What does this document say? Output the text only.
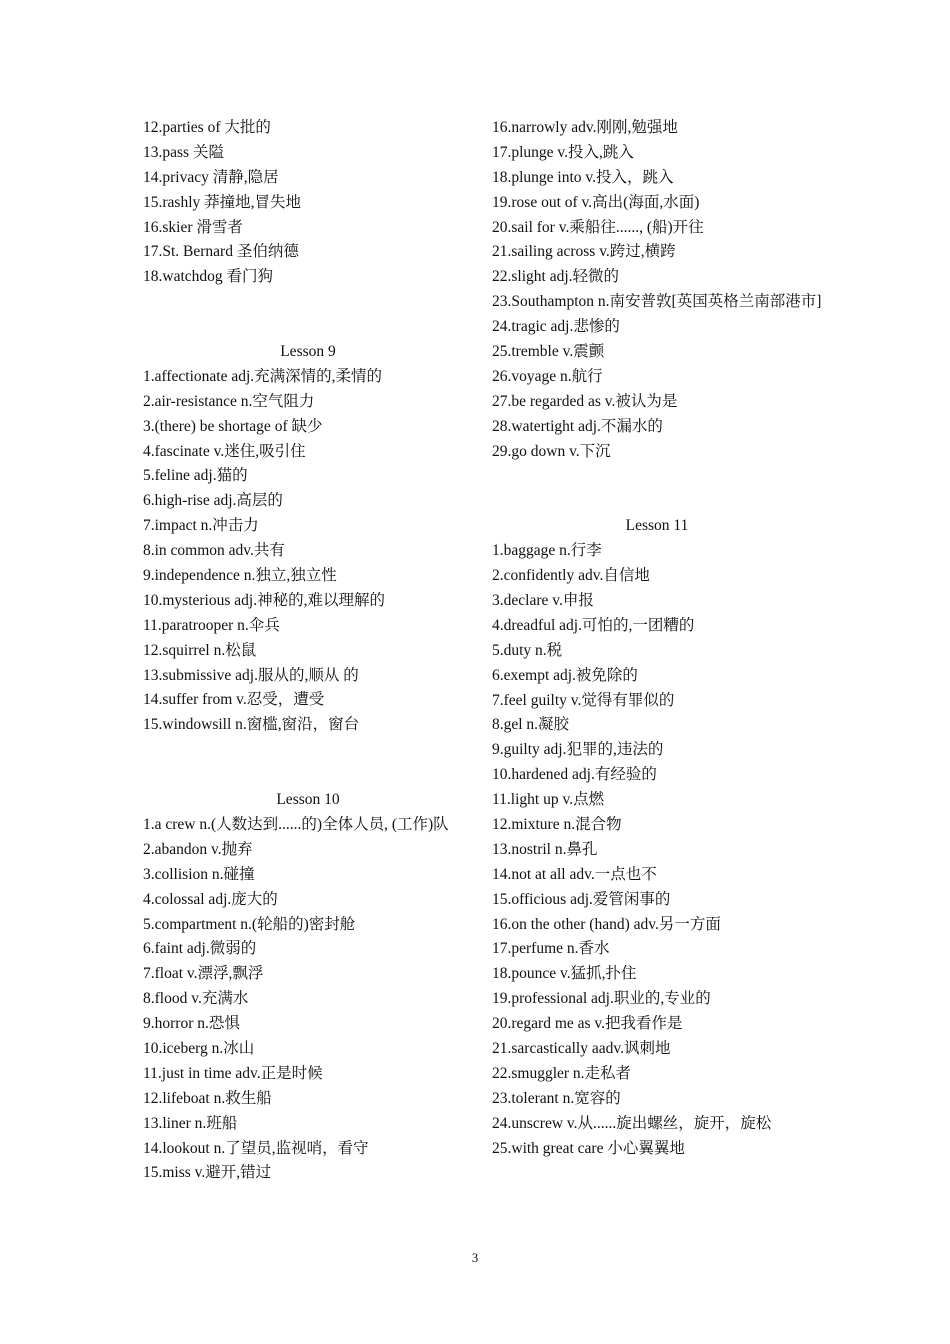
12.parties of 大批的
13.pass 关隘
14.privacy 清静,隐居
15.rashly 莽撞地,冒失地
16.skier 滑雪者
17.St. Bernard 圣伯纳德
18.watchdog 看门狗
Lesson 9
1.affectionate adj.充满深情的,柔情的
2.air-resistance n.空气阻力
3.(there) be shortage of 缺少
4.fascinate v.迷住,吸引住
5.feline adj.猫的
6.high-rise adj.高层的
7.impact n.冲击力
8.in common adv.共有
9.independence n.独立,独立性
10.mysterious adj.神秘的,难以理解的
11.paratrooper n.伞兵
12.squirrel n.松鼠
13.submissive adj.服从的,顺从 的
14.suffer from v.忍受，遭受
15.windowsill n.窗槛,窗沿，窗台
Lesson 10
1.a crew n.(人数达到......的)全体人员, (工作)队
2.abandon v.抛弃
3.collision n.碰撞
4.colossal adj.庞大的
5.compartment n.(轮船的)密封舱
6.faint adj.微弱的
7.float v.漂浮,飘浮
8.flood v.充满水
9.horror n.恐惧
10.iceberg n.冰山
11.just in time adv.正是时候
12.lifeboat n.救生船
13.liner n.班船
14.lookout n.了望员,监视哨，看守
15.miss v.避开,错过
16.narrowly adv.刚刚,勉强地
17.plunge v.投入,跳入
18.plunge into v.投入，跳入
19.rose out of v.高出(海面,水面)
20.sail for v.乘船往......, (船)开往
21.sailing across v.跨过,横跨
22.slight adj.轻微的
23.Southampton n.南安普敦[英国英格兰南部港市]
24.tragic adj.悲惨的
25.tremble v.震颤
26.voyage n.航行
27.be regarded as v.被认为是
28.watertight adj.不漏水的
29.go down v.下沉
Lesson 11
1.baggage n.行李
2.confidently adv.自信地
3.declare v.申报
4.dreadful adj.可怕的,一团糟的
5.duty n.税
6.exempt adj.被免除的
7.feel guilty v.觉得有罪似的
8.gel n.凝胶
9.guilty adj.犯罪的,违法的
10.hardened adj.有经验的
11.light up v.点燃
12.mixture n.混合物
13.nostril n.鼻孔
14.not at all adv.一点也不
15.officious adj.爱管闲事的
16.on the other (hand) adv.另一方面
17.perfume n.香水
18.pounce v.猛抓,扑住
19.professional adj.职业的,专业的
20.regard me as v.把我看作是
21.sarcastically aadv.讽刺地
22.smuggler n.走私者
23.tolerant n.宽容的
24.unscrew v.从......旋出螺丝，旋开，旋松
25.with great care 小心翼翼地
3
